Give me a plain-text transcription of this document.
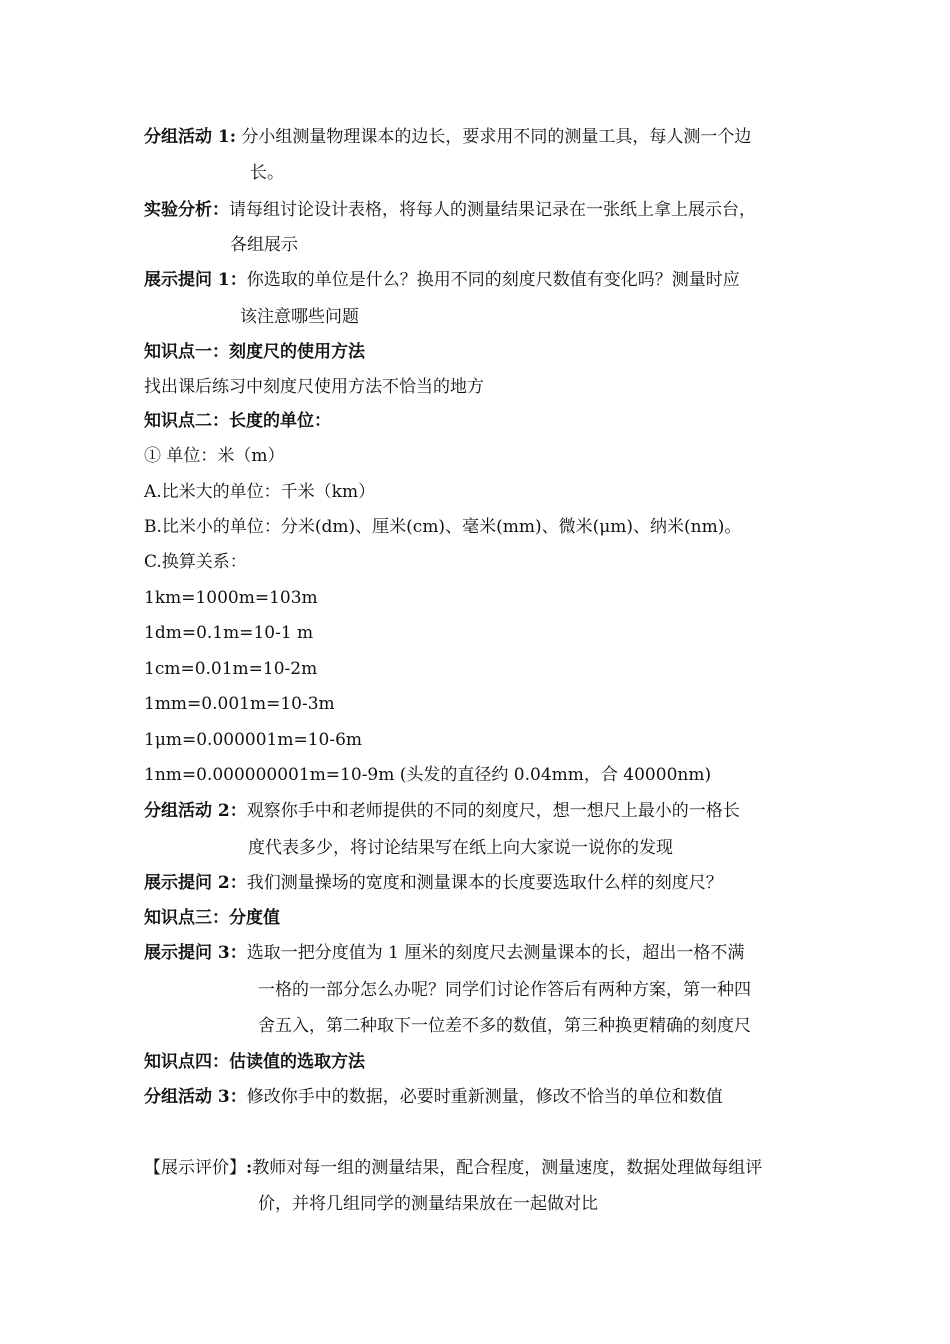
分组活动 1: 分小组测量物理课本的边长，要求用不同的测量工具，每人测一个边
长。
实验分析：请每组讨论设计表格，将每人的测量结果记录在一张纸上拿上展示台，
各组展示
展示提问 1：你选取的单位是什么？换用不同的刻度尺数值有变化吗？测量时应
该注意哪些问题
知识点一：刻度尺的使用方法
找出课后练习中刻度尺使用方法不恰当的地方
知识点二：长度的单位：
① 单位：米（m）
A.比米大的单位：千米（km）
B.比米小的单位：分米(dm)、厘米(cm)、毫米(mm)、微米(μm)、纳米(nm)。
C.换算关系：
1km=1000m=103m
1dm=0.1m=10-1 m
1cm=0.01m=10-2m
1mm=0.001m=10-3m
1μm=0.000001m=10-6m
1nm=0.000000001m=10-9m (头发的直径约 0.04mm，合 40000nm)
分组活动 2：观察你手中和老师提供的不同的刻度尺，想一想尺上最小的一格长
度代表多少，将讨论结果写在纸上向大家说一说你的发现
展示提问 2：我们测量操场的宽度和测量课本的长度要选取什么样的刻度尺？
知识点三：分度值
展示提问 3：选取一把分度值为 1 厘米的刻度尺去测量课本的长，超出一格不满
一格的一部分怎么办呢？同学们讨论作答后有两种方案，第一种四
舍五入，第二种取下一位差不多的数值，第三种换更精确的刻度尺
知识点四：估读值的选取方法
分组活动 3：修改你手中的数据，必要时重新测量，修改不恰当的单位和数值
【展示评价】:教师对每一组的测量结果，配合程度，测量速度，数据处理做每组评
价，并将几组同学的测量结果放在一起做对比
